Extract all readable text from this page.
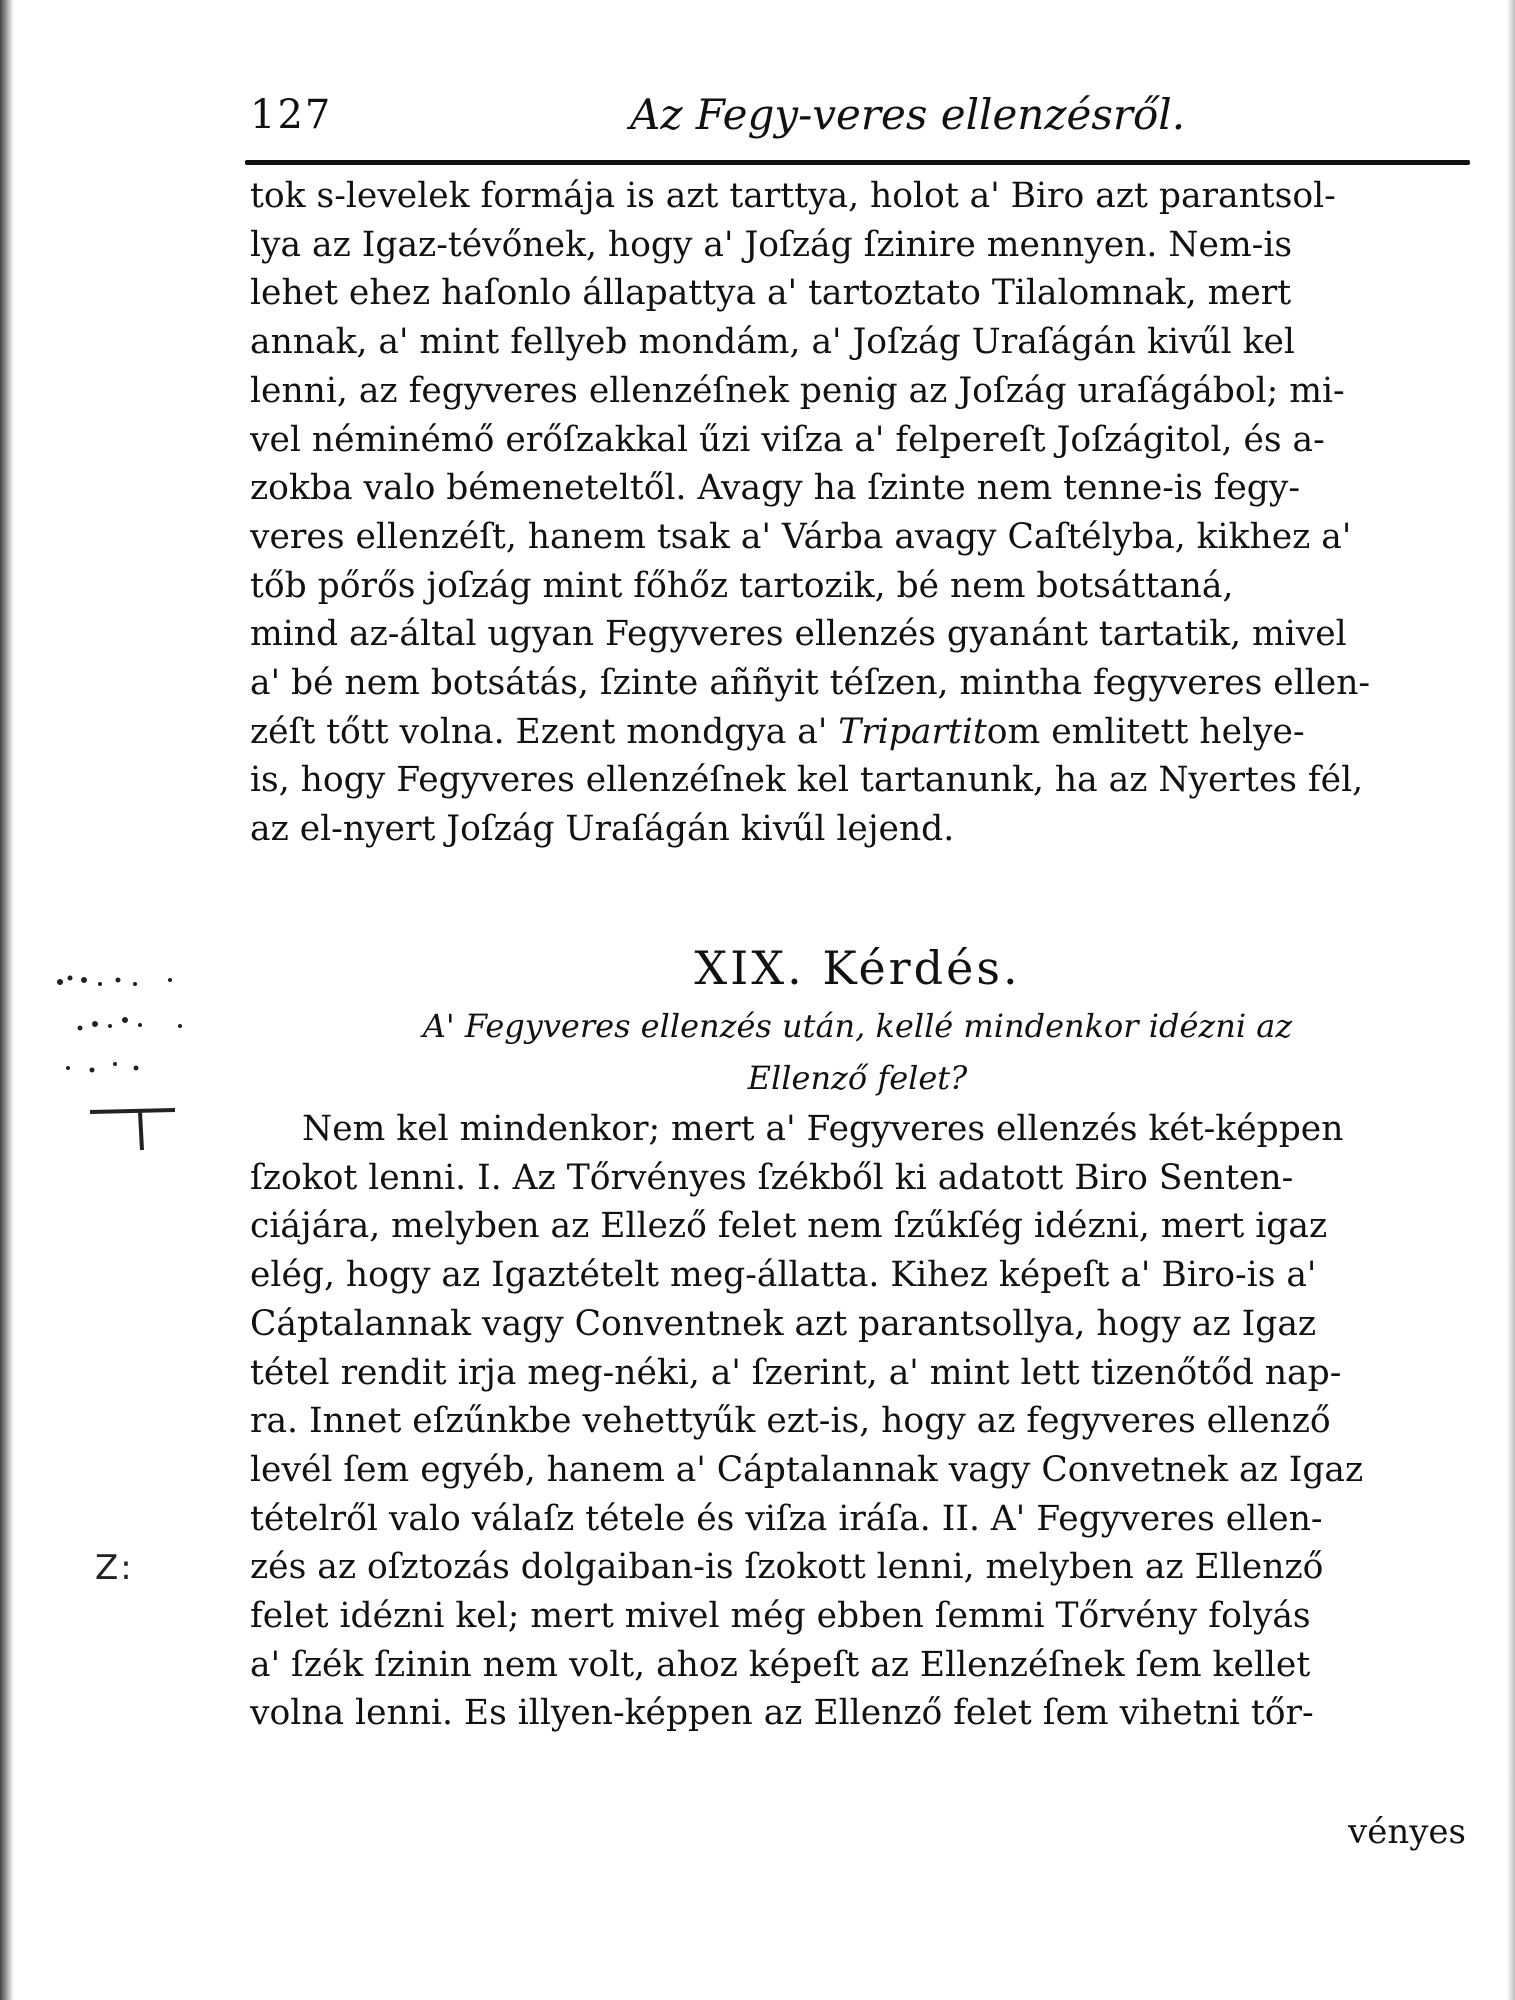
127	Az Fegy-veres ellenzésről.
tok s-levelek formája is azt tarttya, holot a' Biro azt parantsol-
lya az Igaz-tévőnek, hogy a' Joſzág ſzinire mennyen. Nem-is
lehet ehez haſonlo állapattya a' tartoztato Tilalomnak, mert
annak, a' mint fellyeb mondám, a' Joſzág Uraſágán kivűl kel
lenni, az fegyveres ellenzéſnek penig az Joſzág uraſágábol; mi-
vel néminémő erőſzakkal űzi viſza a' felpereſt Joſzágitol, és a-
zokba valo bémeneteltől. Avagy ha ſzinte nem tenne-is fegy-
veres ellenzéſt, hanem tsak a' Várba avagy Caſtélyba, kikhez a'
tőb pőrős joſzág mint főhőz tartozik, bé nem botsáttaná,
mind az-által ugyan Fegyveres ellenzés gyanánt tartatik, mivel
a' bé nem botsátás, ſzinte aññyit téſzen, mintha fegyveres ellen-
zéſt tőtt volna. Ezent mondgya a' Tripartitom emlitett helye-
is, hogy Fegyveres ellenzéſnek kel tartanunk, ha az Nyertes fél,
az el-nyert Joſzág Uraſágán kivűl lejend.
XIX. Kérdés.
A' Fegyveres ellenzés után, kellé mindenkor idézni az
Ellenző felet?
Nem kel mindenkor; mert a' Fegyveres ellenzés két-képpen
ſzokot lenni. I. Az Tőrvényes ſzékből ki adatott Biro Senten-
ciájára, melyben az Ellező felet nem ſzűkſég idézni, mert igaz
elég, hogy az Igaztételt meg-állatta. Kihez képeſt a' Biro-is a'
Cáptalannak vagy Conventnek azt parantsollya, hogy az Igaz
tétel rendit irja meg-néki, a' ſzerint, a' mint lett tizenőtőd nap-
ra. Innet eſzűnkbe vehettyűk ezt-is, hogy az fegyveres ellenző
levél ſem egyéb, hanem a' Cáptalannak vagy Convetnek az Igaz
tételről valo válaſz tétele és viſza iráſa. II. A' Fegyveres ellen-
zés az oſztozás dolgaiban-is ſzokott lenni, melyben az Ellenző
felet idézni kel; mert mivel még ebben ſemmi Tőrvény folyás
a' ſzék ſzinin nem volt, ahoz képeſt az Ellenzéſnek ſem kellet
volna lenni. Es illyen-képpen az Ellenző felet ſem vihetni tőr-
vényes
Z:
